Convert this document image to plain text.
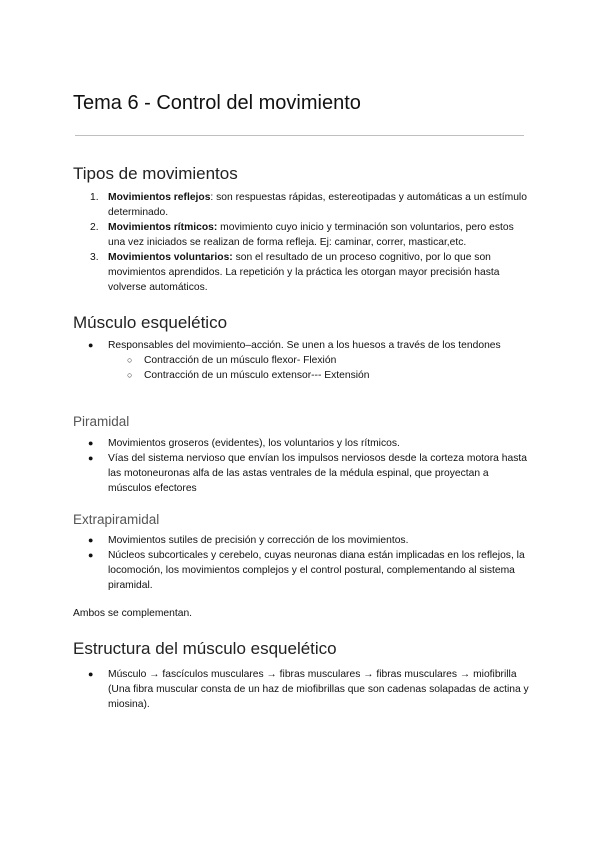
Tema 6 - Control del movimiento
Tipos de movimientos
1. Movimientos reflejos: son respuestas rápidas, estereotipadas y automáticas a un estímulo determinado.
2. Movimientos rítmicos: movimiento cuyo inicio y terminación son voluntarios, pero estos una vez iniciados se realizan de forma refleja. Ej: caminar, correr, masticar,etc.
3. Movimientos voluntarios: son el resultado de un proceso cognitivo, por lo que son movimientos aprendidos. La repetición y la práctica les otorgan mayor precisión hasta volverse automáticos.
Músculo esquelético
● Responsables del movimiento–acción. Se unen a los huesos a través de los tendones
○ Contracción de un músculo flexor- Flexión
○ Contracción de un músculo extensor--- Extensión
Piramidal
● Movimientos groseros (evidentes), los voluntarios y los rítmicos.
● Vías del sistema nervioso que envían los impulsos nerviosos desde la corteza motora hasta las motoneuronas alfa de las astas ventrales de la médula espinal, que proyectan a músculos efectores
Extrapiramidal
● Movimientos sutiles de precisión y corrección de los movimientos.
● Núcleos subcorticales y cerebelo, cuyas neuronas diana están implicadas en los reflejos, la locomoción, los movimientos complejos y el control postural, complementando al sistema piramidal.
Ambos se complementan.
Estructura del músculo esquelético
● Músculo → fascículos musculares → fibras musculares → fibras musculares → miofibrilla (Una fibra muscular consta de un haz de miofibrillas que son cadenas solapadas de actina y miosina).
